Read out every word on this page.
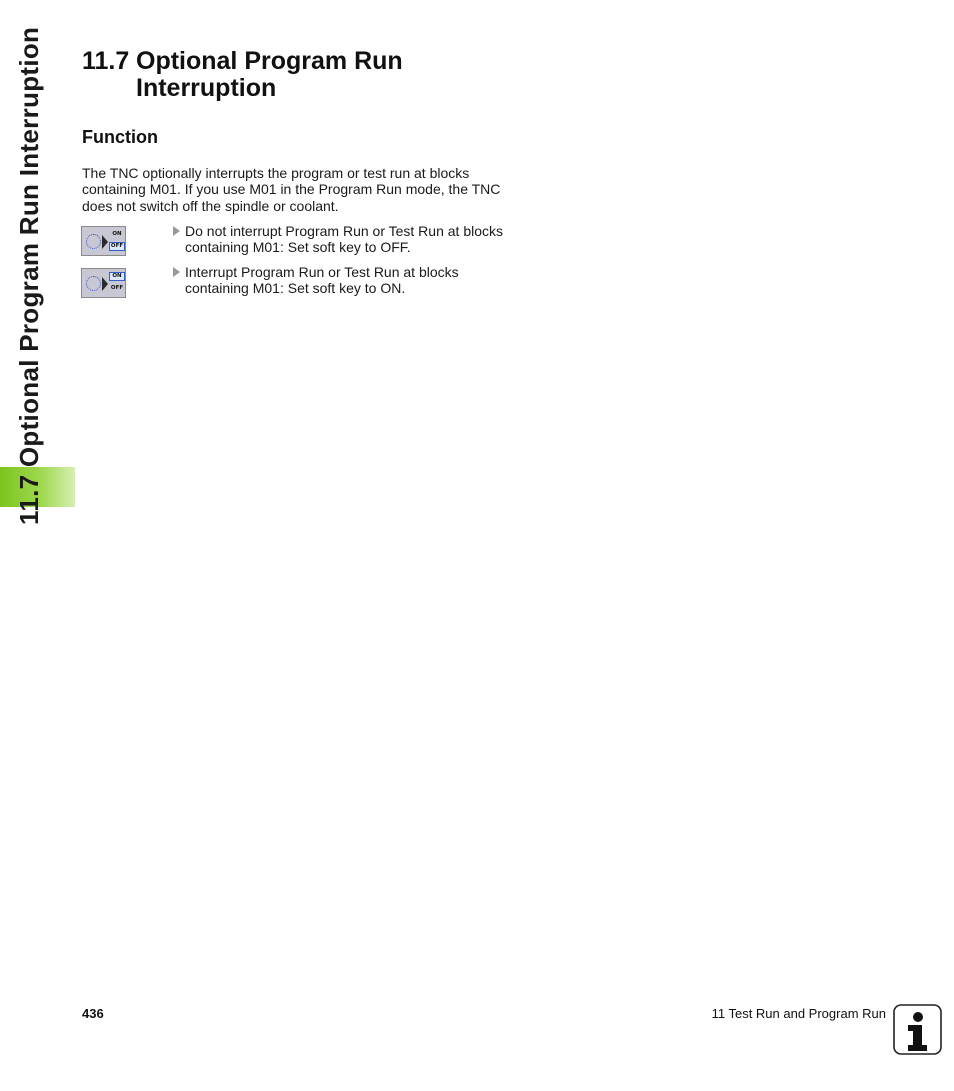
11.7 Optional Program Run Interruption 11.7 Optional Program Run
Interruption
Function

The TNC optionally interrupts the program or test run at blocks containing M01. If you use M01 in the Program Run mode, the TNC does not switch off the spindle or coolant.

ON
OFF
Do not interrupt Program Run or Test Run at blocks containing M01: Set soft key to OFF.
ON
OFF
Interrupt Program Run or Test Run at blocks containing M01: Set soft key to ON.
436	11 Test Run and Program Run
